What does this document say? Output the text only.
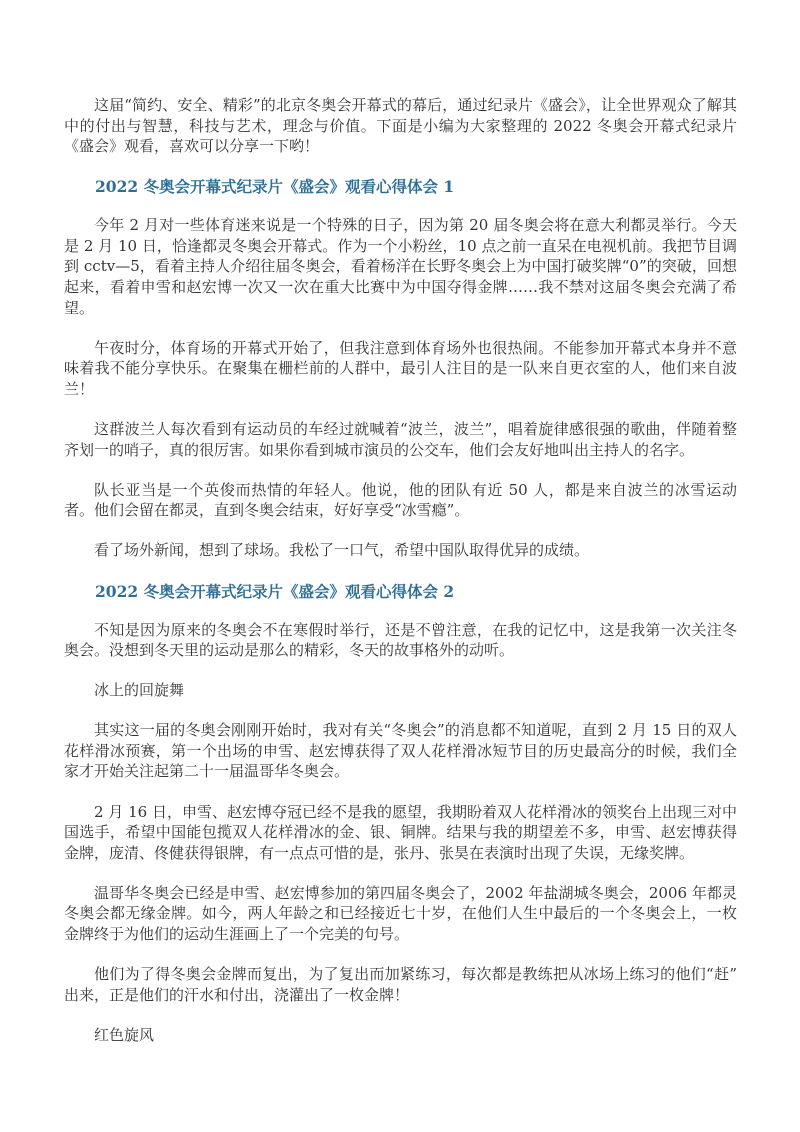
这届“简约、安全、精彩”的北京冬奥会开幕式的幕后，通过纪录片《盛会》，让全世界观众了解其中的付出与智慧，科技与艺术，理念与价值。下面是小编为大家整理的 2022 冬奥会开幕式纪录片《盛会》观看，喜欢可以分享一下哟！

2022 冬奥会开幕式纪录片《盛会》观看心得体会 1

今年 2 月对一些体育迷来说是一个特殊的日子，因为第 20 届冬奥会将在意大利都灵举行。今天是 2 月 10 日，恰逢都灵冬奥会开幕式。作为一个小粉丝，10 点之前一直呆在电视机前。我把节目调到 cctv—5，看着主持人介绍往届冬奥会，看着杨洋在长野冬奥会上为中国打破奖牌“0”的突破，回想起来，看着申雪和赵宏博一次又一次在重大比赛中为中国夺得金牌……我不禁对这届冬奥会充满了希望。

午夜时分，体育场的开幕式开始了，但我注意到体育场外也很热闹。不能参加开幕式本身并不意味着我不能分享快乐。在聚集在栅栏前的人群中，最引人注目的是一队来自更衣室的人，他们来自波兰！

这群波兰人每次看到有运动员的车经过就喊着“波兰，波兰”，唱着旋律感很强的歌曲，伴随着整齐划一的哨子，真的很厉害。如果你看到城市演员的公交车，他们会友好地叫出主持人的名字。

队长亚当是一个英俊而热情的年轻人。他说，他的团队有近 50 人，都是来自波兰的冰雪运动者。他们会留在都灵，直到冬奥会结束，好好享受“冰雪瘾”。

看了场外新闻，想到了球场。我松了一口气，希望中国队取得优异的成绩。

2022 冬奥会开幕式纪录片《盛会》观看心得体会 2

不知是因为原来的冬奥会不在寒假时举行，还是不曾注意，在我的记忆中，这是我第一次关注冬奥会。没想到冬天里的运动是那么的精彩，冬天的故事格外的动听。

冰上的回旋舞

其实这一届的冬奥会刚刚开始时，我对有关“冬奥会”的消息都不知道呢，直到 2 月 15 日的双人花样滑冰预赛，第一个出场的申雪、赵宏博获得了双人花样滑冰短节目的历史最高分的时候，我们全家才开始关注起第二十一届温哥华冬奥会。

2 月 16 日，申雪、赵宏博夺冠已经不是我的愿望，我期盼着双人花样滑冰的领奖台上出现三对中国选手，希望中国能包揽双人花样滑冰的金、银、铜牌。结果与我的期望差不多，申雪、赵宏博获得金牌，庞清、佟健获得银牌，有一点点可惜的是，张丹、张昊在表演时出现了失误，无缘奖牌。

温哥华冬奥会已经是申雪、赵宏博参加的第四届冬奥会了，2002 年盐湖城冬奥会，2006 年都灵冬奥会都无缘金牌。如今，两人年龄之和已经接近七十岁，在他们人生中最后的一个冬奥会上，一枚金牌终于为他们的运动生涯画上了一个完美的句号。

他们为了得冬奥会金牌而复出，为了复出而加紧练习，每次都是教练把从冰场上练习的他们“赶”出来，正是他们的汗水和付出，浇灌出了一枚金牌！

红色旋风
